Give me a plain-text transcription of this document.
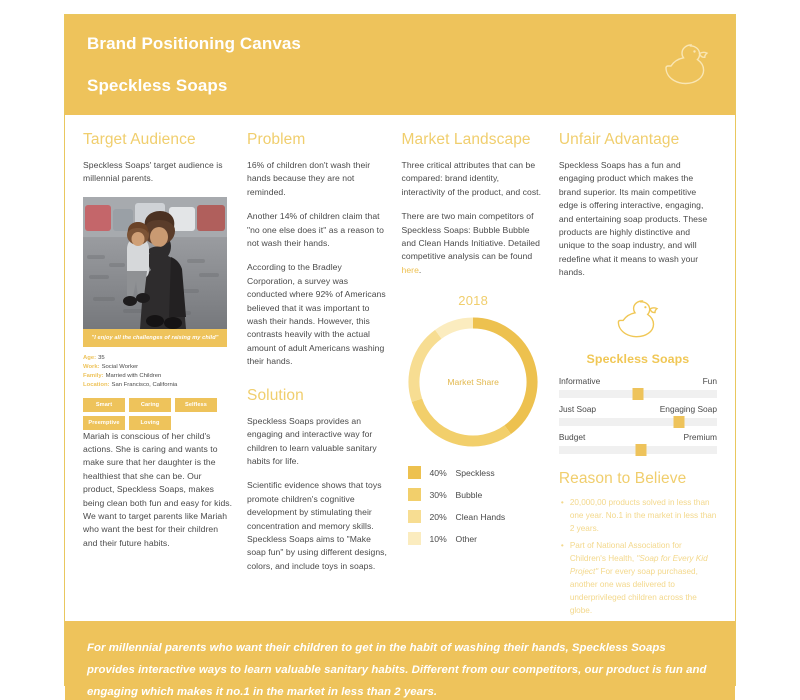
Brand Positioning Canvas
Speckless Soaps
Target Audience

Speckless Soaps' target audience is millennial parents.

"I enjoy all the challenges of raising my child"
Age: 35
Work: Social Worker
Family: Married with Children
Location: San Francisco, California
Smart	Caring	Selfless
Preemptive	Loving

Mariah is conscious of her child's actions. She is caring and wants to make sure that her daughter is the healthiest that she can be. Our product, Speckless Soaps, makes being clean both fun and easy for kids. We want to target parents like Mariah who want the best for their children and their future habits.

Problem

16% of children don't wash their hands because they are not reminded.

Another 14% of children claim that "no one else does it" as a reason to not wash their hands.

According to the Bradley Corporation, a survey was conducted where 92% of Americans believed that it was important to wash their hands. However, this contrasts heavily with the actual amount of adult Americans washing their hands.

Solution

Speckless Soaps provides an engaging and interactive way for children to learn valuable sanitary habits for life.

Scientific evidence shows that toys promote children's cognitive development by stimulating their concentration and memory skills. Speckless Soaps aims to "Make soap fun" by using different designs, colors, and include toys in soaps.

Market Landscape

Three critical attributes that can be compared: brand identity, interactivity of the product, and cost.

There are two main competitors of Speckless Soaps: Bubble Bubble and Clean Hands Initiative. Detailed competitive analysis can be found here.

2018
Market Share
40%	Speckless
30%	Bubble
20%	Clean Hands
10%	Other
Unfair Advantage

Speckless Soaps has a fun and engaging product which makes the brand superior. Its main competitive edge is offering interactive, engaging, and entertaining soap products. These products are highly distinctive and unique to the soap industry, and will redefine what it means to wash your hands.

Speckless Soaps
Informative	Fun
Just Soap	Engaging Soap
Budget	Premium
Reason to Believe
• 20,000,00 products solved in less than one year. No.1 in the market in less than 2 years.
• Part of National Association for Children's Health, "Soap for Every Kid Project" For every soap purchased, another one was delivered to underprivileged children across the globe.

For millennial parents who want their children to get in the habit of washing their hands, Speckless Soaps provides interactive ways to learn valuable sanitary habits. Different from our competitors, our product is fun and engaging which makes it no.1 in the market in less than 2 years.
